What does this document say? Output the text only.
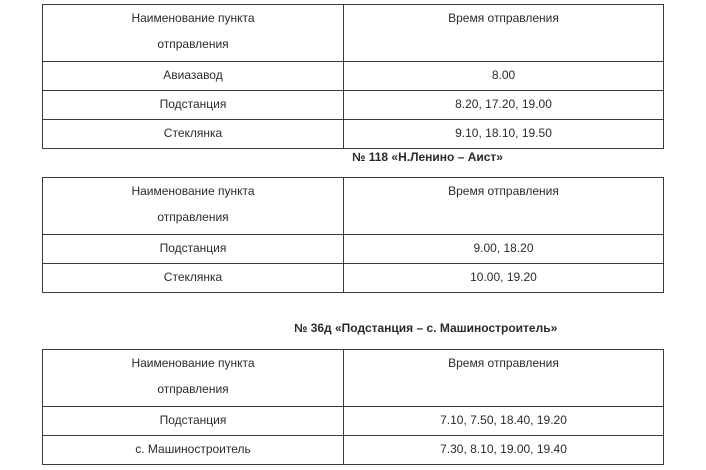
Наименование пункта
отправления	Время отправления
Авиазавод	8.00
Подстанция	8.20, 17.20, 19.00
Стеклянка	9.10, 18.10, 19.50
№ 118 «Н.Ленино – Аист»
Наименование пункта
отправления	Время отправления
Подстанция	9.00, 18.20
Стеклянка	10.00, 19.20
№ 36д «Подстанция – с. Машиностроитель»
Наименование пункта
отправления	Время отправления
Подстанция	7.10, 7.50, 18.40, 19.20
с. Машиностроитель	7.30, 8.10, 19.00, 19.40
